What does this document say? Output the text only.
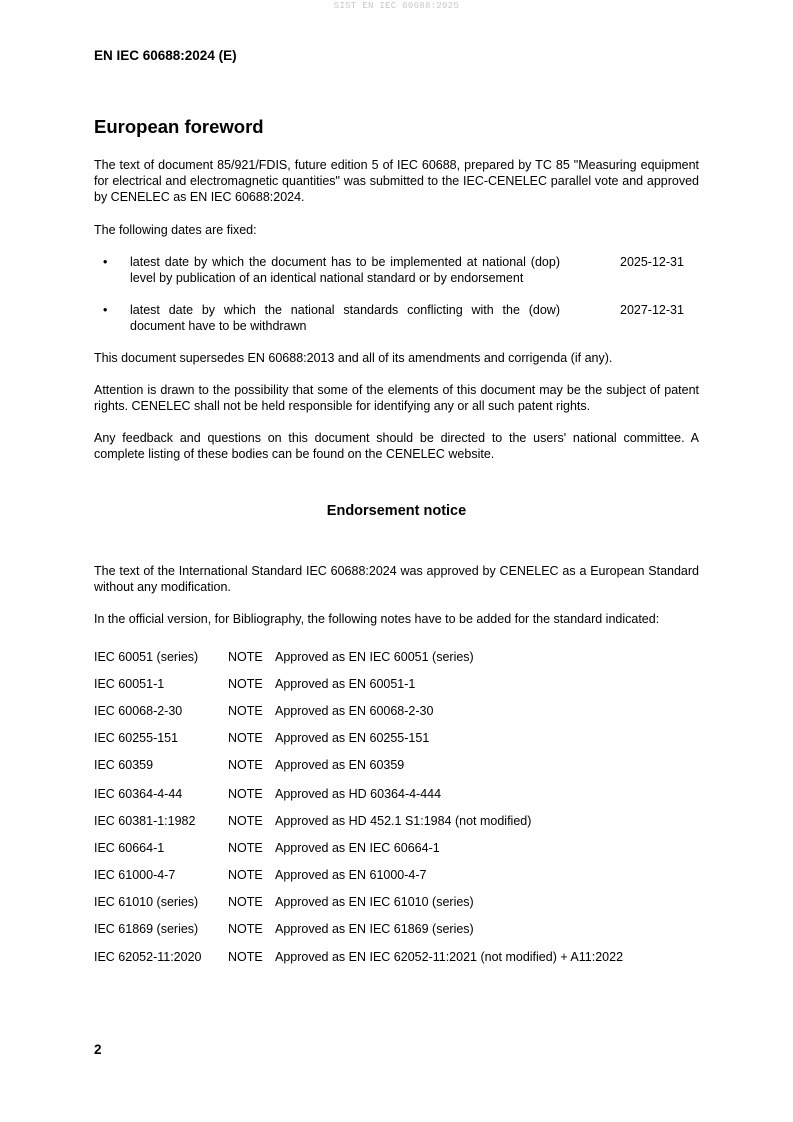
SIST EN IEC 60688:2025
EN IEC 60688:2024 (E)
European foreword

The text of document 85/921/FDIS, future edition 5 of IEC 60688, prepared by TC 85 "Measuring equipment for electrical and electromagnetic quantities" was submitted to the IEC-CENELEC parallel vote and approved by CENELEC as EN IEC 60688:2024.

The following dates are fixed:

• latest date by which the document has to be implemented at national (dop)
level by publication of an identical national standard or by endorsement
2025-12-31
• latest date by which the national standards conflicting with the (dow)
document have to be withdrawn
2027-12-31

This document supersedes EN 60688:2013 and all of its amendments and corrigenda (if any).

Attention is drawn to the possibility that some of the elements of this document may be the subject of patent rights. CENELEC shall not be held responsible for identifying any or all such patent rights.

Any feedback and questions on this document should be directed to the users' national committee. A complete listing of these bodies can be found on the CENELEC website.

Endorsement notice

The text of the International Standard IEC 60688:2024 was approved by CENELEC as a European Standard without any modification.

In the official version, for Bibliography, the following notes have to be added for the standard indicated:

IEC 60051 (series) NOTE Approved as EN IEC 60051 (series)
IEC 60051-1	NOTE Approved as EN 60051-1
IEC 60068-2-30	NOTE Approved as EN 60068-2-30
IEC 60255-151	NOTE Approved as EN 60255-151
IEC 60359	NOTE Approved as EN 60359
IEC 60364-4-44	NOTE Approved as HD 60364-4-444
IEC 60381-1:1982	NOTE Approved as HD 452.1 S1:1984 (not modified)
IEC 60664-1	NOTE Approved as EN IEC 60664-1
IEC 61000-4-7	NOTE Approved as EN 61000-4-7
IEC 61010 (series) NOTE Approved as EN IEC 61010 (series)
IEC 61869 (series) NOTE Approved as EN IEC 61869 (series)
IEC 62052-11:2020 NOTE Approved as EN IEC 62052-11:2021 (not modified) + A11:2022
2
